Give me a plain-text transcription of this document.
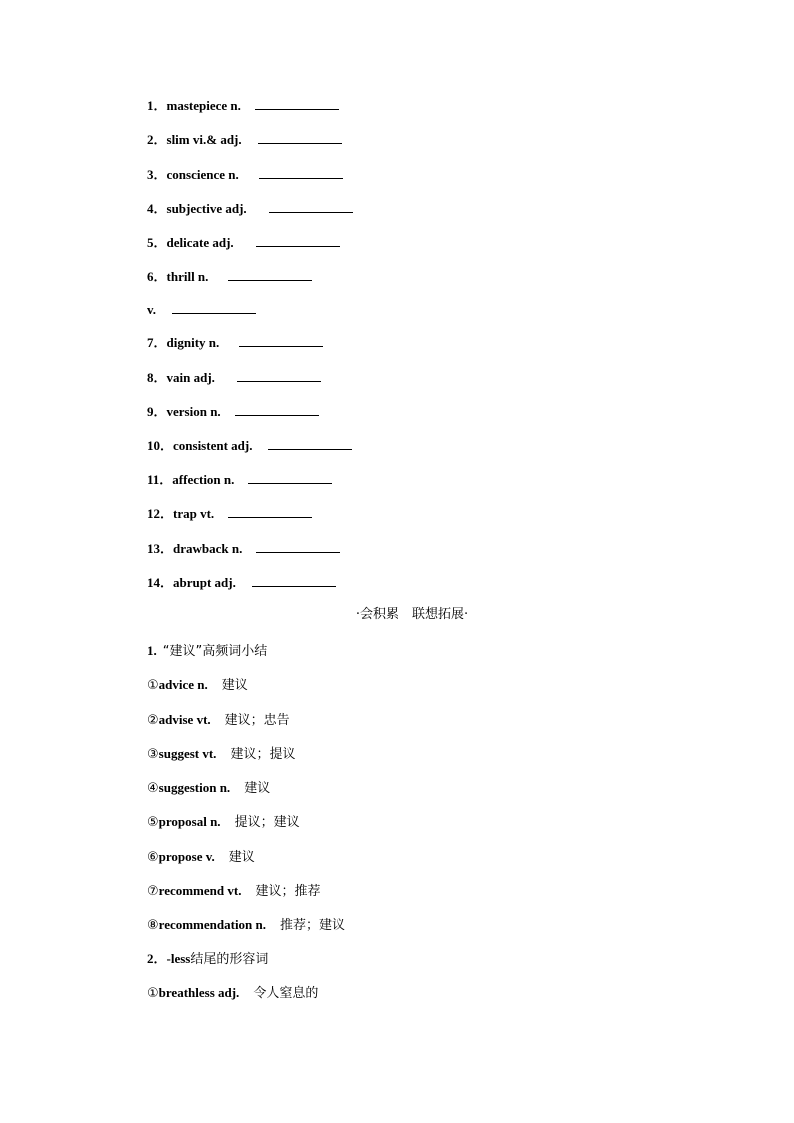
1． mastepiece n.
2． slim vi.& adj.
3． conscience n.
4． subjective adj.
5． delicate adj.
6． thrill n.
v.
7． dignity n.
8． vain adj.
9． version n.
10． consistent adj.
11． affection n.
12． trap vt.
13． drawback n.
14． abrupt adj.
·会积累　联想拓展·
1. “建议”高频词小结
① advice n. 建议
② advise vt. 建议；忠告
③ suggest vt. 建议；提议
④ suggestion n. 建议
⑤ proposal n. 提议；建议
⑥ propose v. 建议
⑦ recommend vt. 建议；推荐
⑧ recommendation n. 推荐；建议
2． -less 结尾的形容词
① breathless adj. 令人窒息的
